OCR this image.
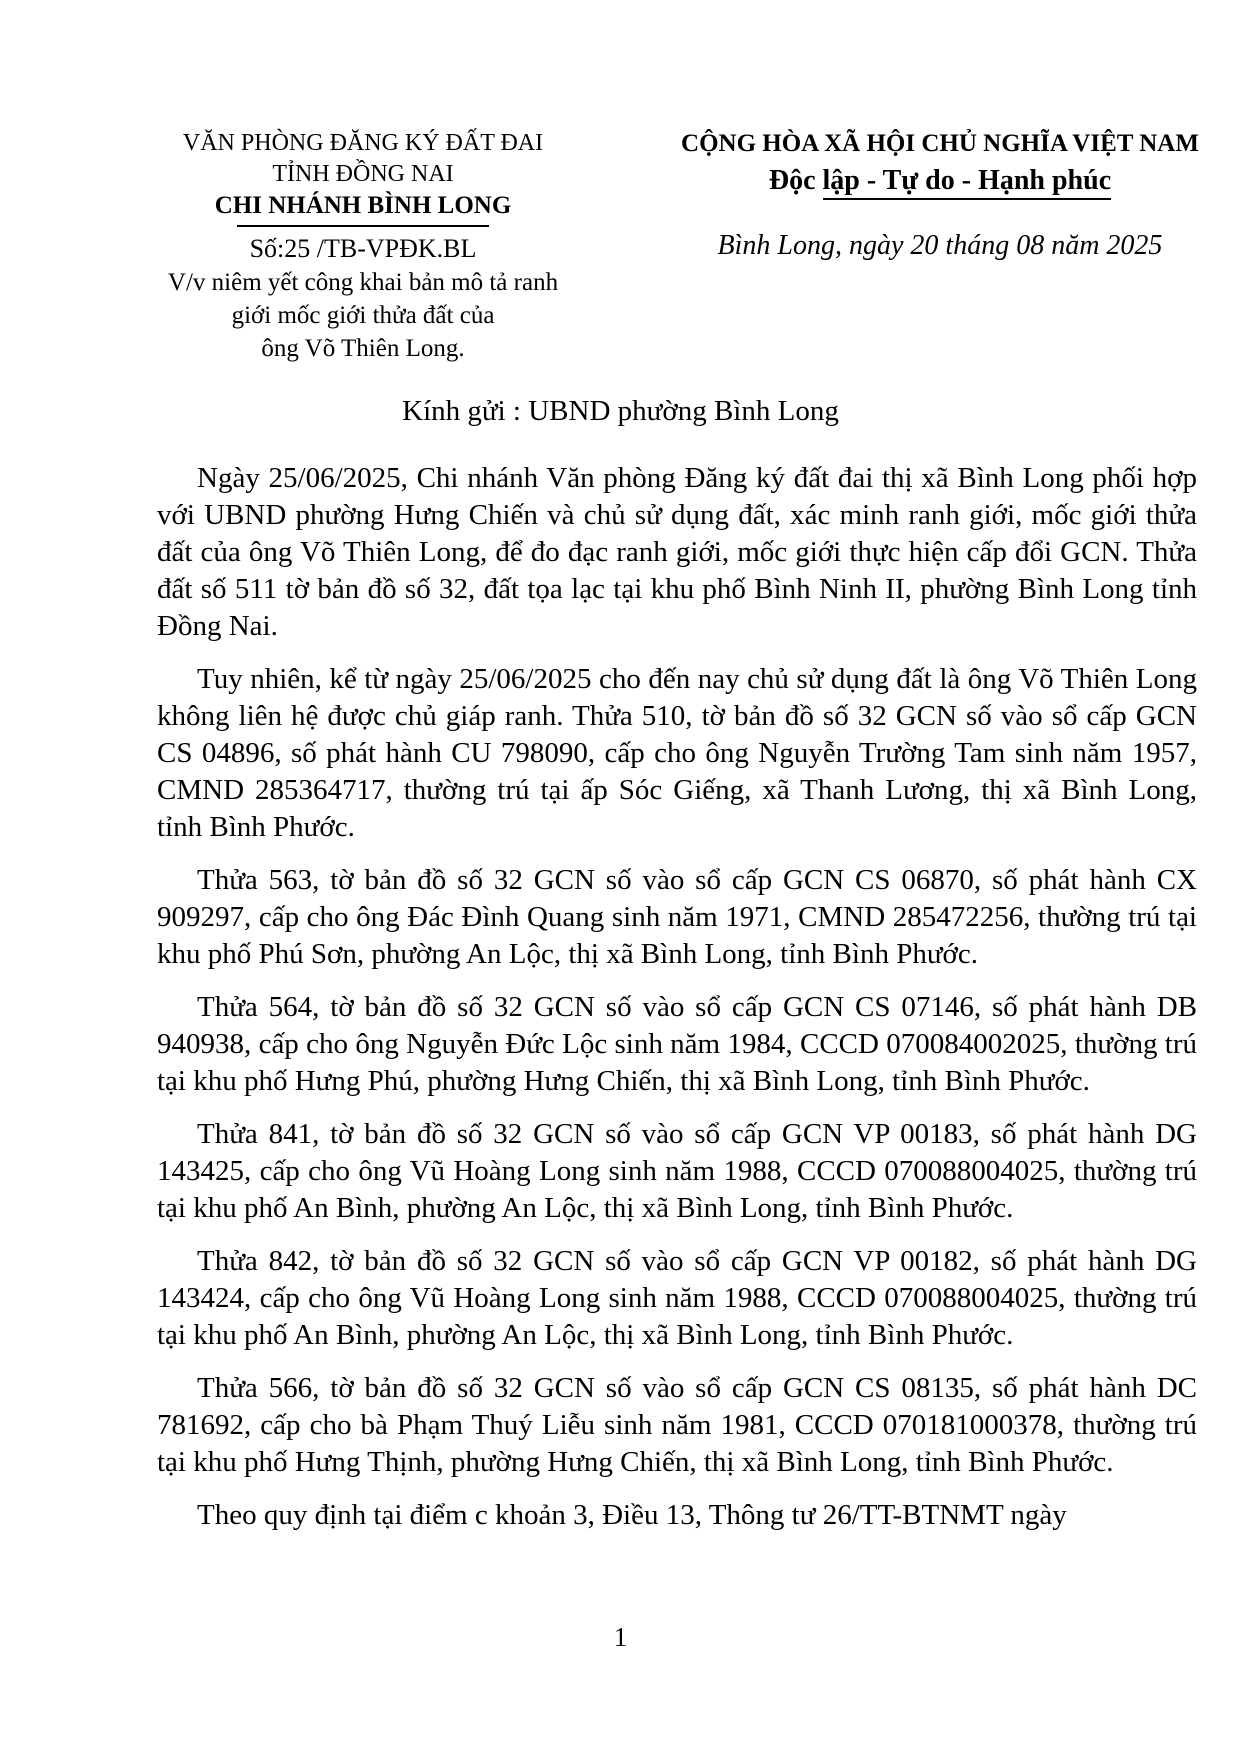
VĂN PHÒNG ĐĂNG KÝ ĐẤT ĐAI
TỈNH ĐỒNG NAI
CHI NHÁNH BÌNH LONG
Số:25 /TB-VPĐK.BL
V/v niêm yết công khai bản mô tả ranh
giới mốc giới thửa đất của
ông Võ Thiên Long.
CỘNG HÒA XÃ HỘI CHỦ NGHĨA VIỆT NAM
Độc lập - Tự do - Hạnh phúc
Bình Long, ngày 20 tháng 08 năm 2025
Kính gửi : UBND phường Bình Long

Ngày 25/06/2025, Chi nhánh Văn phòng Đăng ký đất đai thị xã Bình Long phối hợp với UBND phường Hưng Chiến và chủ sử dụng đất, xác minh ranh giới, mốc giới thửa đất của ông Võ Thiên Long, để đo đạc ranh giới, mốc giới thực hiện cấp đổi GCN. Thửa đất số 511 tờ bản đồ số 32, đất tọa lạc tại khu phố Bình Ninh II, phường Bình Long tỉnh Đồng Nai.

Tuy nhiên, kể từ ngày 25/06/2025 cho đến nay chủ sử dụng đất là ông Võ Thiên Long không liên hệ được chủ giáp ranh. Thửa 510, tờ bản đồ số 32 GCN số vào sổ cấp GCN CS 04896, số phát hành CU 798090, cấp cho ông Nguyễn Trường Tam sinh năm 1957, CMND 285364717, thường trú tại ấp Sóc Giếng, xã Thanh Lương, thị xã Bình Long, tỉnh Bình Phước.

Thửa 563, tờ bản đồ số 32 GCN số vào sổ cấp GCN CS 06870, số phát hành CX 909297, cấp cho ông Đác Đình Quang sinh năm 1971, CMND 285472256, thường trú tại khu phố Phú Sơn, phường An Lộc, thị xã Bình Long, tỉnh Bình Phước.

Thửa 564, tờ bản đồ số 32 GCN số vào sổ cấp GCN CS 07146, số phát hành DB 940938, cấp cho ông Nguyễn Đức Lộc sinh năm 1984, CCCD 070084002025, thường trú tại khu phố Hưng Phú, phường Hưng Chiến, thị xã Bình Long, tỉnh Bình Phước.

Thửa 841, tờ bản đồ số 32 GCN số vào sổ cấp GCN VP 00183, số phát hành DG 143425, cấp cho ông Vũ Hoàng Long sinh năm 1988, CCCD 070088004025, thường trú tại khu phố An Bình, phường An Lộc, thị xã Bình Long, tỉnh Bình Phước.

Thửa 842, tờ bản đồ số 32 GCN số vào sổ cấp GCN VP 00182, số phát hành DG 143424, cấp cho ông Vũ Hoàng Long sinh năm 1988, CCCD 070088004025, thường trú tại khu phố An Bình, phường An Lộc, thị xã Bình Long, tỉnh Bình Phước.

Thửa 566, tờ bản đồ số 32 GCN số vào sổ cấp GCN CS 08135, số phát hành DC 781692, cấp cho bà Phạm Thuý Liễu sinh năm 1981, CCCD 070181000378, thường trú tại khu phố Hưng Thịnh, phường Hưng Chiến, thị xã Bình Long, tỉnh Bình Phước.

Theo quy định tại điểm c khoản 3, Điều 13, Thông tư 26/TT-BTNMT ngày

1
